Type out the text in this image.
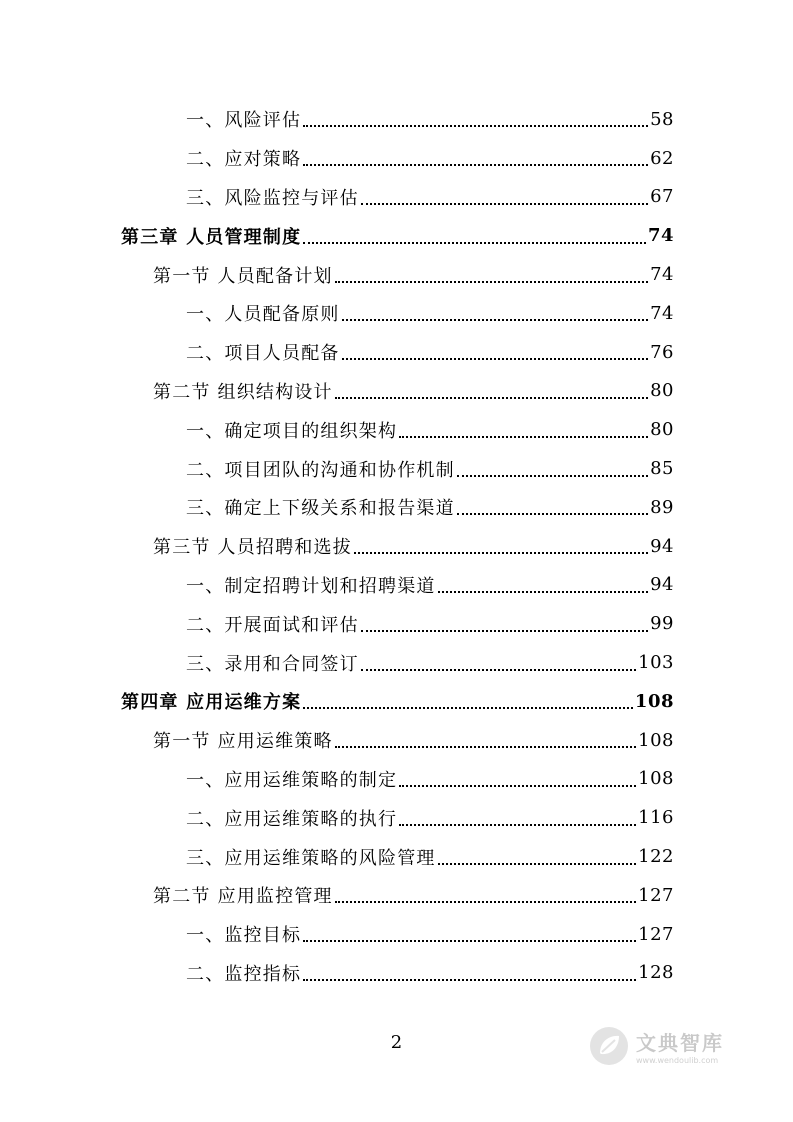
一、风险评估	58
二、应对策略	62
三、风险监控与评估	67
第三章 人员管理制度	74
第一节 人员配备计划	74
一、人员配备原则	74
二、项目人员配备	76
第二节 组织结构设计	80
一、确定项目的组织架构	80
二、项目团队的沟通和协作机制	85
三、确定上下级关系和报告渠道	89
第三节 人员招聘和选拔	94
一、制定招聘计划和招聘渠道	94
二、开展面试和评估	99
三、录用和合同签订	103
第四章 应用运维方案	108
第一节 应用运维策略	108
一、应用运维策略的制定	108
二、应用运维策略的执行	116
三、应用运维策略的风险管理	122
第二节 应用监控管理	127
一、监控目标	127
二、监控指标	128
2	文典智库
www.wendoulib.com
